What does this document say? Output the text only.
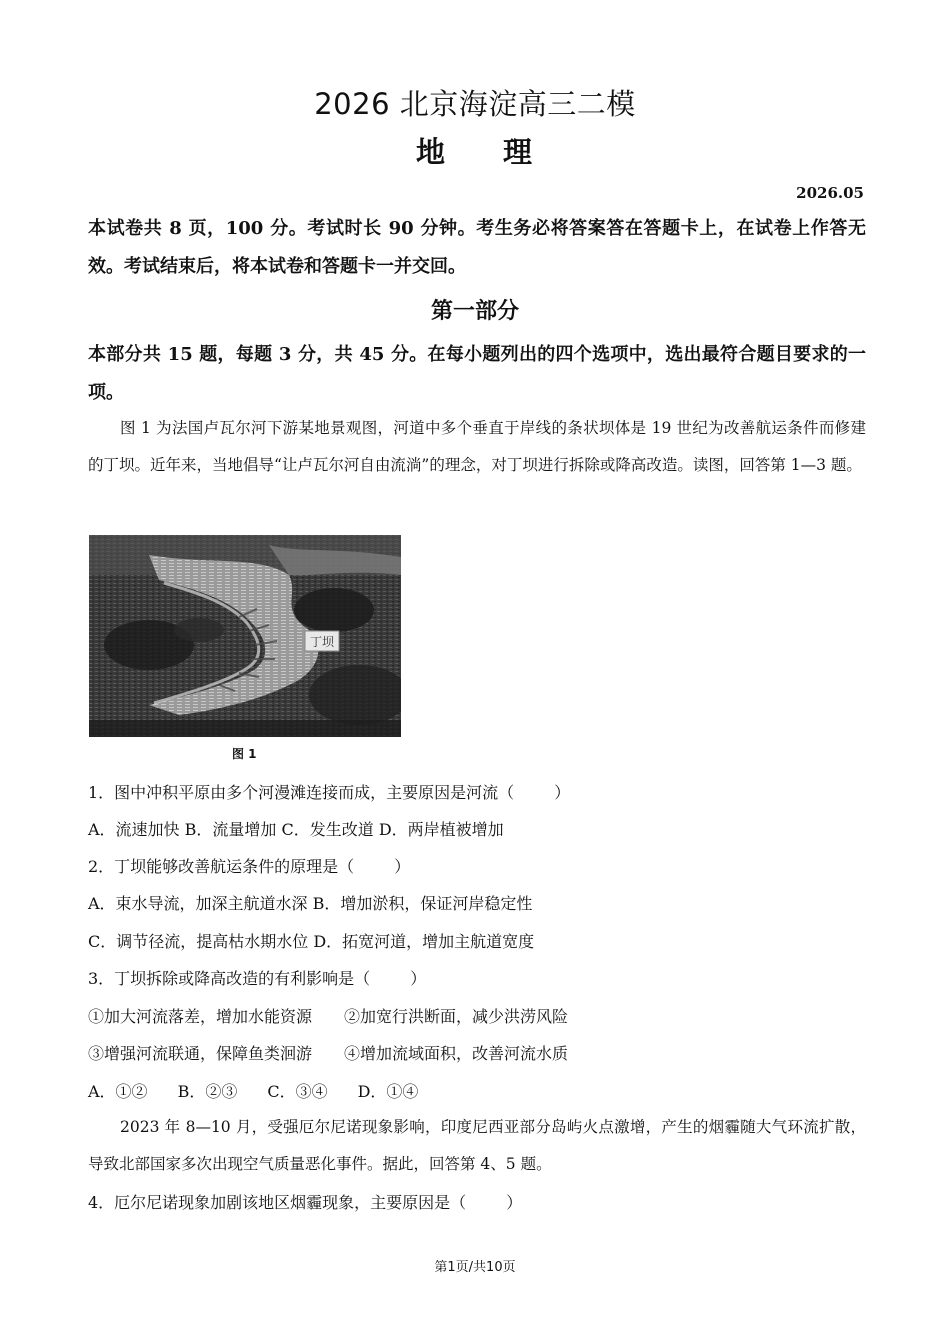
2026 北京海淀高三二模
地 理
2026.05
本试卷共 8 页，100 分。考试时长 90 分钟。考生务必将答案答在答题卡上，在试卷上作答无效。考试结束后，将本试卷和答题卡一并交回。
第一部分
本部分共 15 题，每题 3 分，共 45 分。在每小题列出的四个选项中，选出最符合题目要求的一项。
图 1 为法国卢瓦尔河下游某地景观图，河道中多个垂直于岸线的条状坝体是 19 世纪为改善航运条件而修建的丁坝。近年来，当地倡导“让卢瓦尔河自由流淌”的理念，对丁坝进行拆除或降高改造。读图，回答第 1—3 题。
丁坝
图 1
1．图中冲积平原由多个河漫滩连接而成，主要原因是河流（	）
A．流速加快 B．流量增加 C．发生改道 D．两岸植被增加
2．丁坝能够改善航运条件的原理是（	）
A．束水导流，加深主航道水深 B．增加淤积，保证河岸稳定性
C．调节径流，提高枯水期水位 D．拓宽河道，增加主航道宽度
3．丁坝拆除或降高改造的有利影响是（	）
①加大河流落差，增加水能资源 ②加宽行洪断面，减少洪涝风险
③增强河流联通，保障鱼类洄游 ④增加流域面积，改善河流水质
A．①② B．②③ C．③④ D．①④
2023 年 8—10 月，受强厄尔尼诺现象影响，印度尼西亚部分岛屿火点激增，产生的烟霾随大气环流扩散，导致北部国家多次出现空气质量恶化事件。据此，回答第 4、5 题。
4．厄尔尼诺现象加剧该地区烟霾现象，主要原因是（	）
第1页/共10页
